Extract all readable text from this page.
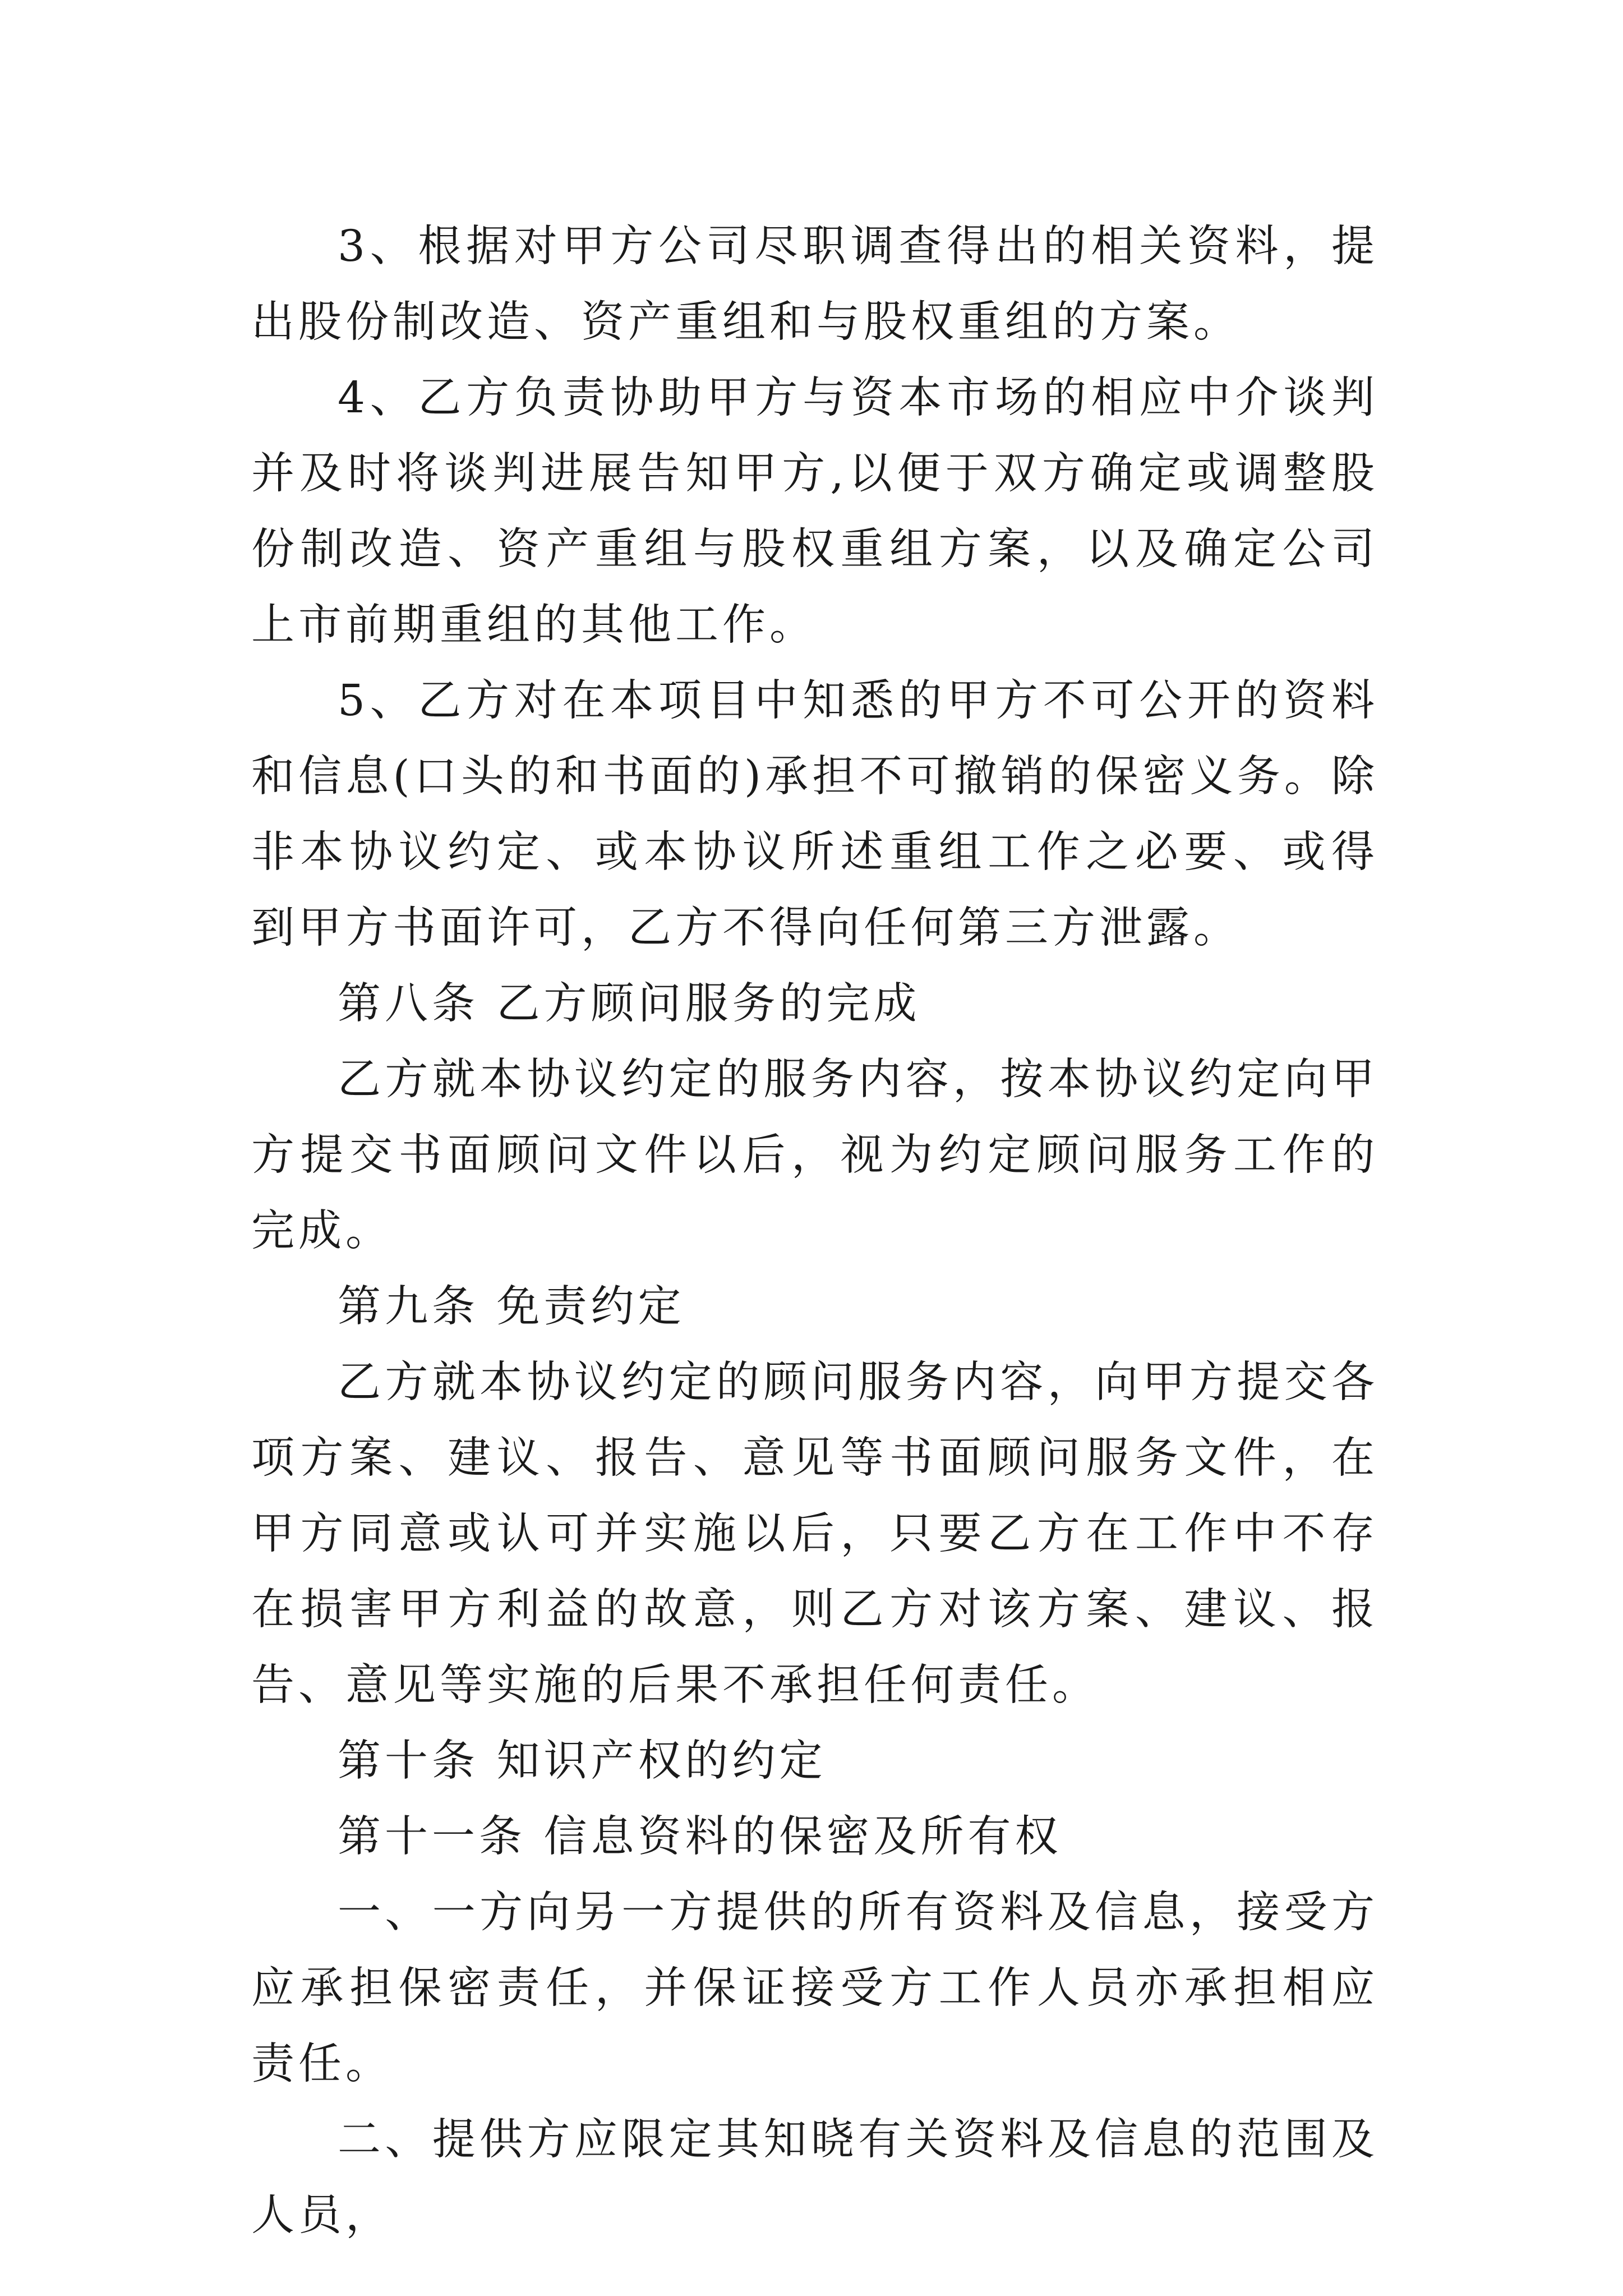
3、根据对甲方公司尽职调查得出的相关资料，提出股份制改造、资产重组和与股权重组的方案。

4、乙方负责协助甲方与资本市场的相应中介谈判并及时将谈判进展告知甲方,以便于双方确定或调整股份制改造、资产重组与股权重组方案，以及确定公司上市前期重组的其他工作。

5、乙方对在本项目中知悉的甲方不可公开的资料和信息(口头的和书面的)承担不可撤销的保密义务。除非本协议约定、或本协议所述重组工作之必要、或得到甲方书面许可，乙方不得向任何第三方泄露。

第八条 乙方顾问服务的完成

乙方就本协议约定的服务内容，按本协议约定向甲方提交书面顾问文件以后，视为约定顾问服务工作的完成。

第九条 免责约定

乙方就本协议约定的顾问服务内容，向甲方提交各项方案、建议、报告、意见等书面顾问服务文件，在甲方同意或认可并实施以后，只要乙方在工作中不存在损害甲方利益的故意，则乙方对该方案、建议、报告、意见等实施的后果不承担任何责任。

第十条 知识产权的约定

第十一条 信息资料的保密及所有权

一、一方向另一方提供的所有资料及信息，接受方应承担保密责任，并保证接受方工作人员亦承担相应责任。

二、提供方应限定其知晓有关资料及信息的范围及人员，
